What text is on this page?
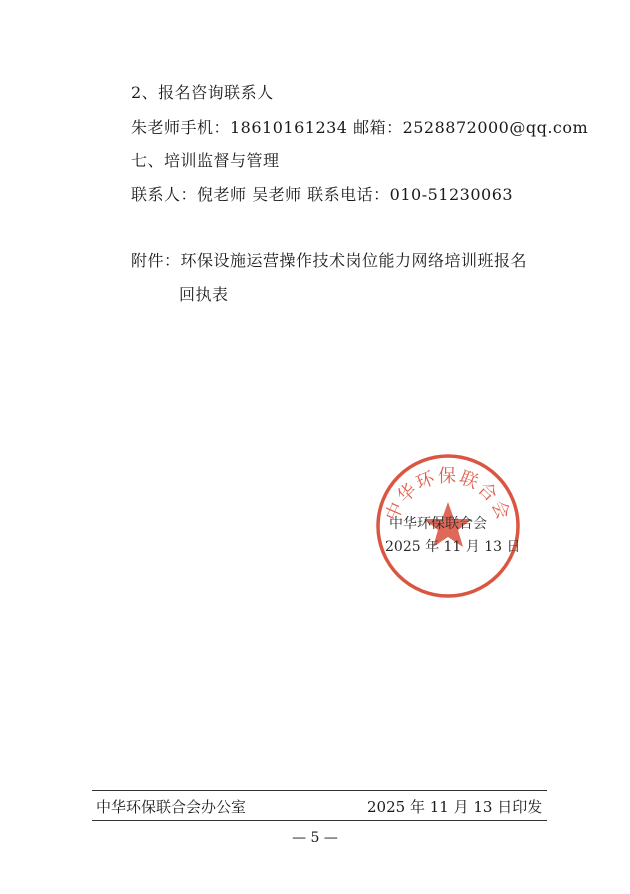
2、报名咨询联系人
朱老师手机：18610161234 邮箱：2528872000@qq.com
七、培训监督与管理
联系人：倪老师 吴老师 联系电话：010-51230063
附件：环保设施运营操作技术岗位能力网络培训班报名
回执表
中华环保联合会
中华环保联合会
2025 年 11 月 13 日
中华环保联合会办公室	2025 年 11 月 13 日印发
— 5 —
